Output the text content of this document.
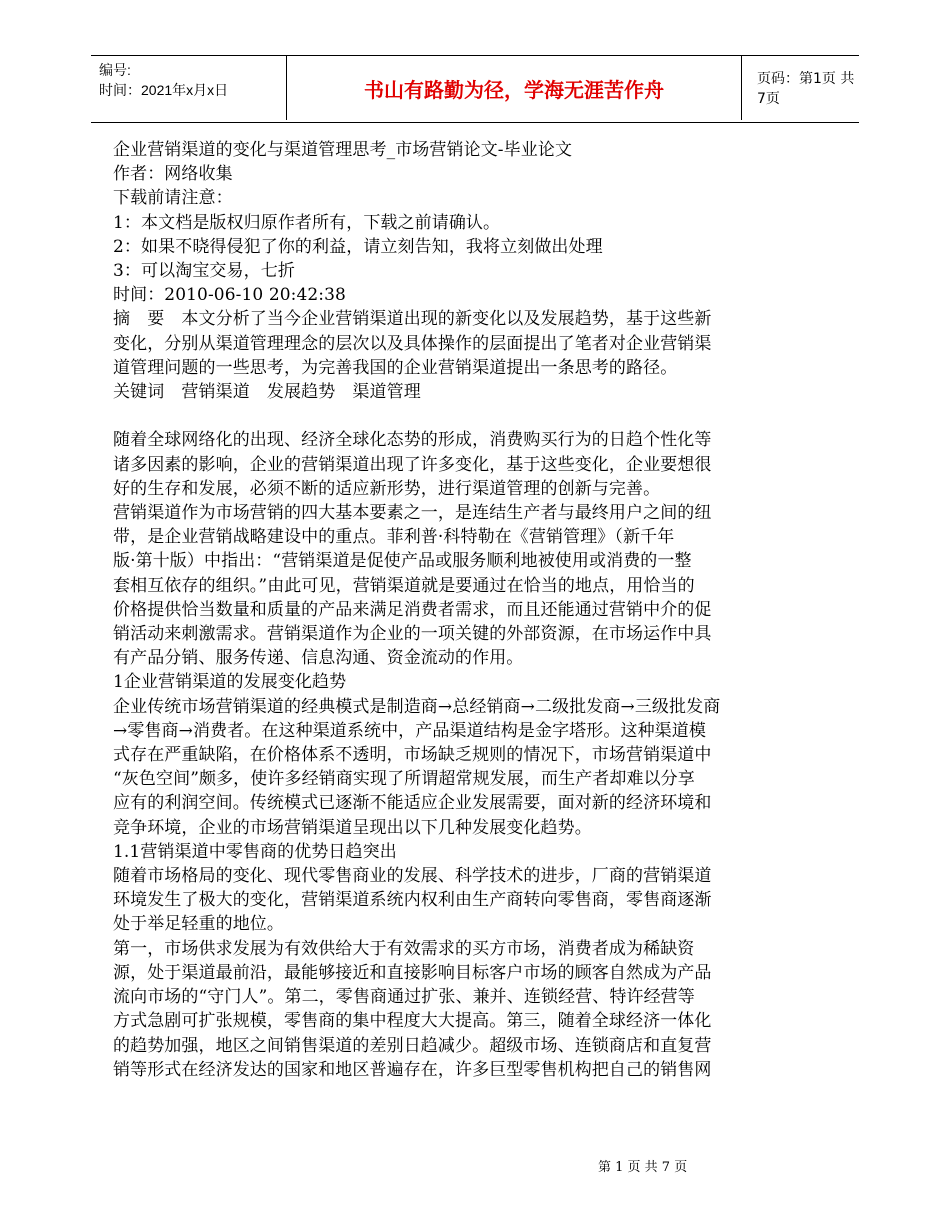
编号:
时间：2021年x月x日	书山有路勤为径，学海无涯苦作舟	页码：第1页 共7页

企业营销渠道的变化与渠道管理思考_市场营销论文-毕业论文

作者：网络收集

下载前请注意：

1：本文档是版权归原作者所有，下载之前请确认。

2：如果不晓得侵犯了你的利益，请立刻告知，我将立刻做出处理

3：可以淘宝交易，七折

时间：2010-06-10 20:42:38

摘　要　本文分析了当今企业营销渠道出现的新变化以及发展趋势，基于这些新

变化，分别从渠道管理理念的层次以及具体操作的层面提出了笔者对企业营销渠

道管理问题的一些思考，为完善我国的企业营销渠道提出一条思考的路径。

关键词　营销渠道　发展趋势　渠道管理

随着全球网络化的出现、经济全球化态势的形成，消费购买行为的日趋个性化等

诸多因素的影响，企业的营销渠道出现了许多变化，基于这些变化，企业要想很

好的生存和发展，必须不断的适应新形势，进行渠道管理的创新与完善。

营销渠道作为市场营销的四大基本要素之一，是连结生产者与最终用户之间的纽

带，是企业营销战略建设中的重点。菲利普·科特勒在《营销管理》（新千年

版·第十版）中指出：“营销渠道是促使产品或服务顺利地被使用或消费的一整

套相互依存的组织。”由此可见，营销渠道就是要通过在恰当的地点，用恰当的

价格提供恰当数量和质量的产品来满足消费者需求，而且还能通过营销中介的促

销活动来刺激需求。营销渠道作为企业的一项关键的外部资源，在市场运作中具

有产品分销、服务传递、信息沟通、资金流动的作用。

1企业营销渠道的发展变化趋势

企业传统市场营销渠道的经典模式是制造商→总经销商→二级批发商→三级批发商

→零售商→消费者。在这种渠道系统中，产品渠道结构是金字塔形。这种渠道模

式存在严重缺陷，在价格体系不透明，市场缺乏规则的情况下，市场营销渠道中

“灰色空间”颇多，使许多经销商实现了所谓超常规发展，而生产者却难以分享

应有的利润空间。传统模式已逐渐不能适应企业发展需要，面对新的经济环境和

竞争环境，企业的市场营销渠道呈现出以下几种发展变化趋势。

1.1营销渠道中零售商的优势日趋突出

随着市场格局的变化、现代零售商业的发展、科学技术的进步，厂商的营销渠道

环境发生了极大的变化，营销渠道系统内权利由生产商转向零售商，零售商逐渐

处于举足轻重的地位。

第一，市场供求发展为有效供给大于有效需求的买方市场，消费者成为稀缺资

源，处于渠道最前沿，最能够接近和直接影响目标客户市场的顾客自然成为产品

流向市场的“守门人”。第二，零售商通过扩张、兼并、连锁经营、特许经营等

方式急剧可扩张规模，零售商的集中程度大大提高。第三，随着全球经济一体化

的趋势加强，地区之间销售渠道的差别日趋减少。超级市场、连锁商店和直复营

销等形式在经济发达的国家和地区普遍存在，许多巨型零售机构把自己的销售网

第 1 页 共 7 页
